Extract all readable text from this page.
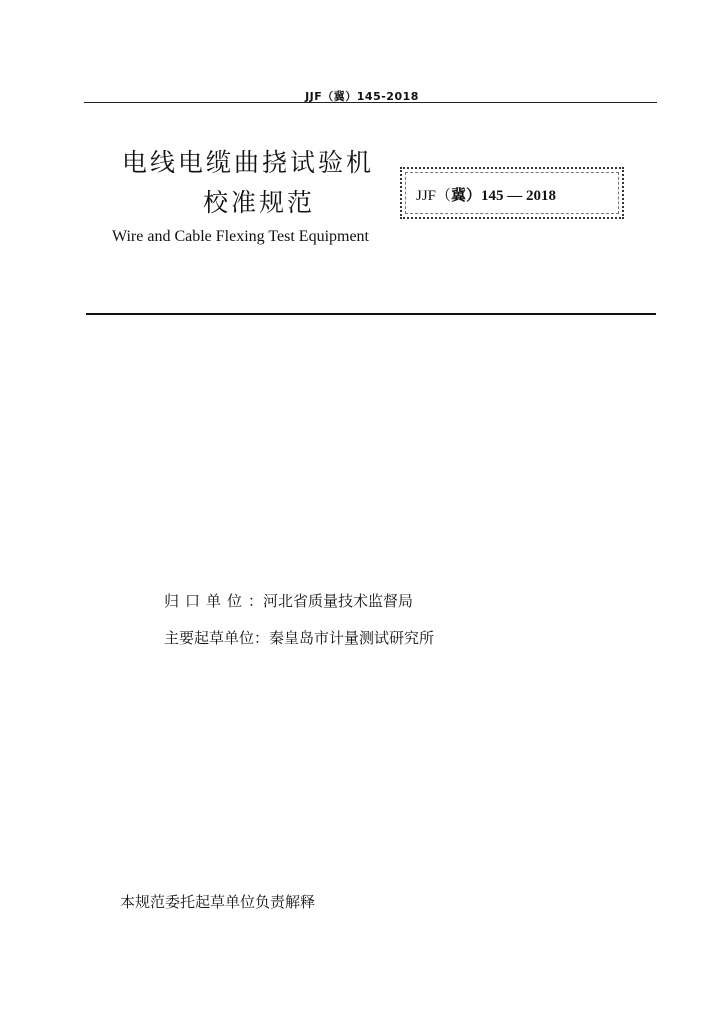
JJF（冀）145-2018
电线电缆曲挠试验机
校准规范
Wire and Cable Flexing Test Equipment
JJF（冀）145 — 2018
归口单位：河北省质量技术监督局
主要起草单位：秦皇岛市计量测试研究所
本规范委托起草单位负责解释
